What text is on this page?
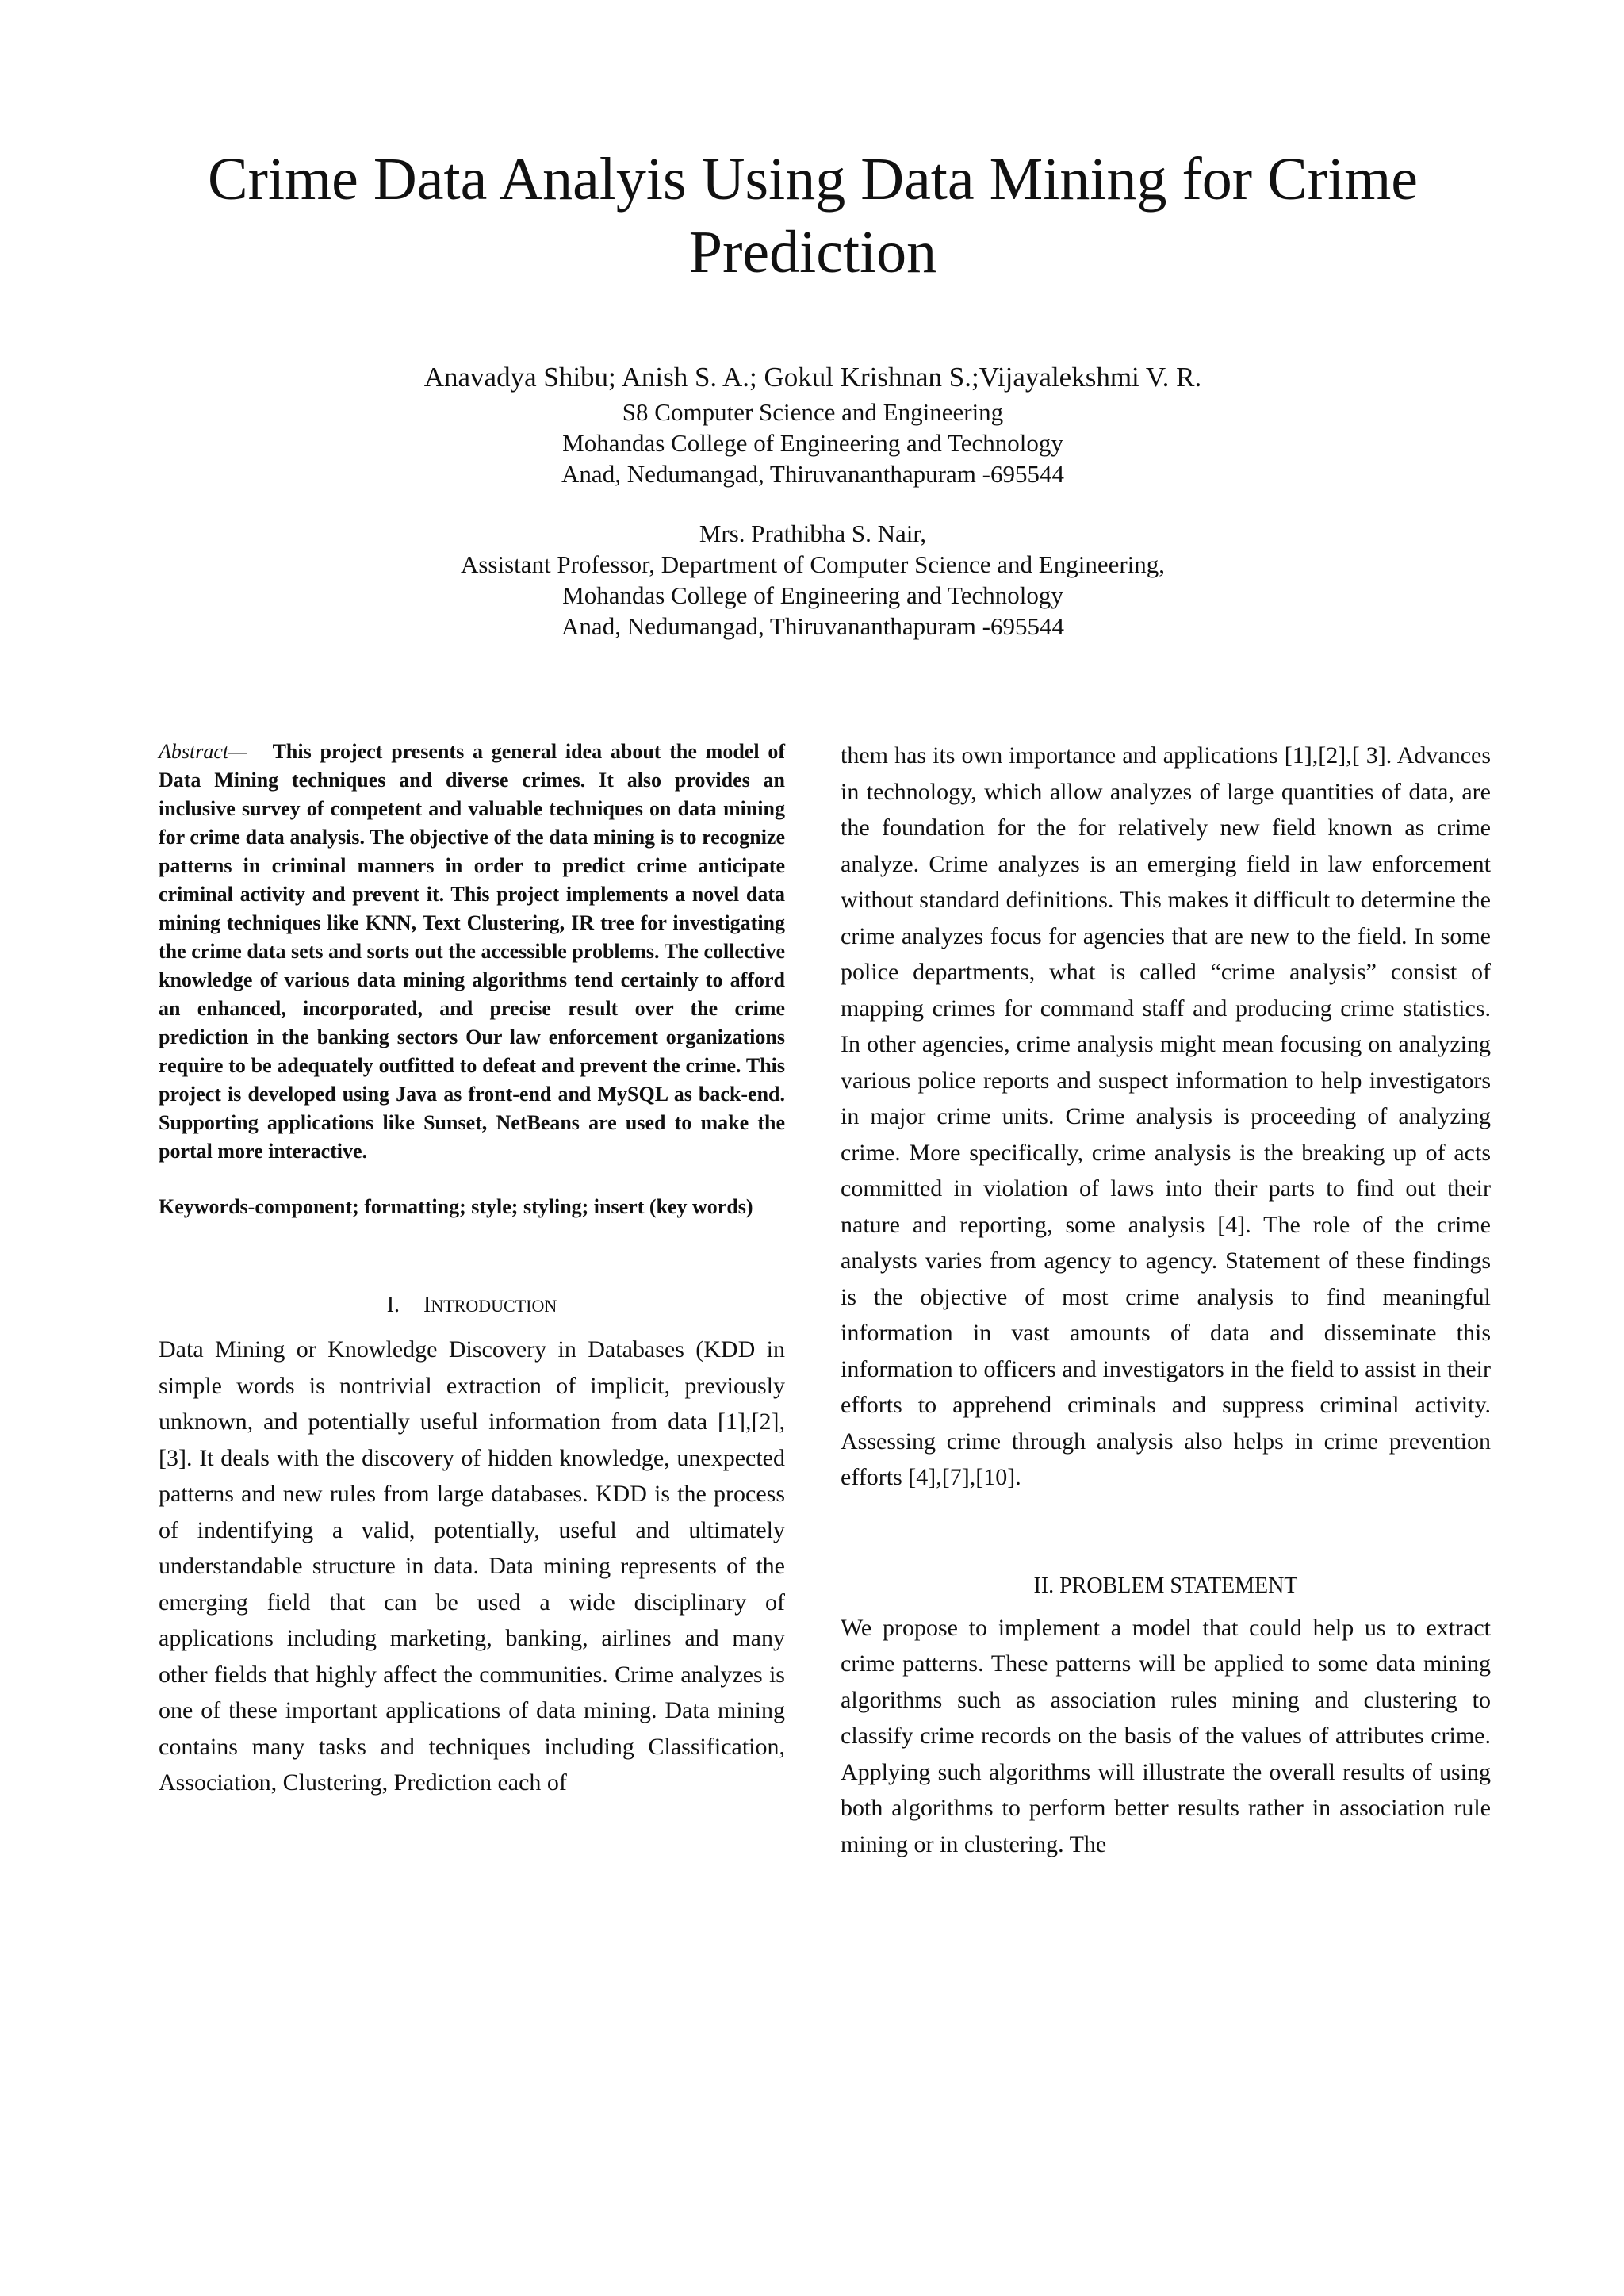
Crime Data Analyis Using Data Mining for Crime Prediction

Anavadya Shibu; Anish S. A.; Gokul Krishnan S.;Vijayalekshmi V. R.

S8 Computer Science and Engineering

Mohandas College of Engineering and Technology

Anad, Nedumangad, Thiruvananthapuram -695544

Mrs. Prathibha S. Nair,

Assistant Professor, Department of Computer Science and Engineering,

Mohandas College of Engineering and Technology

Anad, Nedumangad, Thiruvananthapuram -695544

Abstract— This project presents a general idea about the model of Data Mining techniques and diverse crimes. It also provides an inclusive survey of competent and valuable techniques on data mining for crime data analysis. The objective of the data mining is to recognize patterns in criminal manners in order to predict crime anticipate criminal activity and prevent it. This project implements a novel data mining techniques like KNN, Text Clustering, IR tree for investigating the crime data sets and sorts out the accessible problems. The collective knowledge of various data mining algorithms tend certainly to afford an enhanced, incorporated, and precise result over the crime prediction in the banking sectors Our law enforcement organizations require to be adequately outfitted to defeat and prevent the crime. This project is developed using Java as front-end and MySQL as back-end. Supporting applications like Sunset, NetBeans are used to make the portal more interactive.

Keywords-component; formatting; style; styling; insert (key words)

I. INTRODUCTION

Data Mining or Knowledge Discovery in Databases (KDD in simple words is nontrivial extraction of implicit, previously unknown, and potentially useful information from data [1],[2],[3]. It deals with the discovery of hidden knowledge, unexpected patterns and new rules from large databases. KDD is the process of indentifying a valid, potentially, useful and ultimately understandable structure in data. Data mining represents of the emerging field that can be used a wide disciplinary of applications including marketing, banking, airlines and many other fields that highly affect the communities. Crime analyzes is one of these important applications of data mining. Data mining contains many tasks and techniques including Classification, Association, Clustering, Prediction each of

them has its own importance and applications [1],[2],[ 3]. Advances in technology, which allow analyzes of large quantities of data, are the foundation for the for relatively new field known as crime analyze. Crime analyzes is an emerging field in law enforcement without standard definitions. This makes it difficult to determine the crime analyzes focus for agencies that are new to the field. In some police departments, what is called “crime analysis” consist of mapping crimes for command staff and producing crime statistics. In other agencies, crime analysis might mean focusing on analyzing various police reports and suspect information to help investigators in major crime units. Crime analysis is proceeding of analyzing crime. More specifically, crime analysis is the breaking up of acts committed in violation of laws into their parts to find out their nature and reporting, some analysis [4]. The role of the crime analysts varies from agency to agency. Statement of these findings is the objective of most crime analysis to find meaningful information in vast amounts of data and disseminate this information to officers and investigators in the field to assist in their efforts to apprehend criminals and suppress criminal activity. Assessing crime through analysis also helps in crime prevention efforts [4],[7],[10].

II. PROBLEM STATEMENT

We propose to implement a model that could help us to extract crime patterns. These patterns will be applied to some data mining algorithms such as association rules mining and clustering to classify crime records on the basis of the values of attributes crime. Applying such algorithms will illustrate the overall results of using both algorithms to perform better results rather in association rule mining or in clustering. The
